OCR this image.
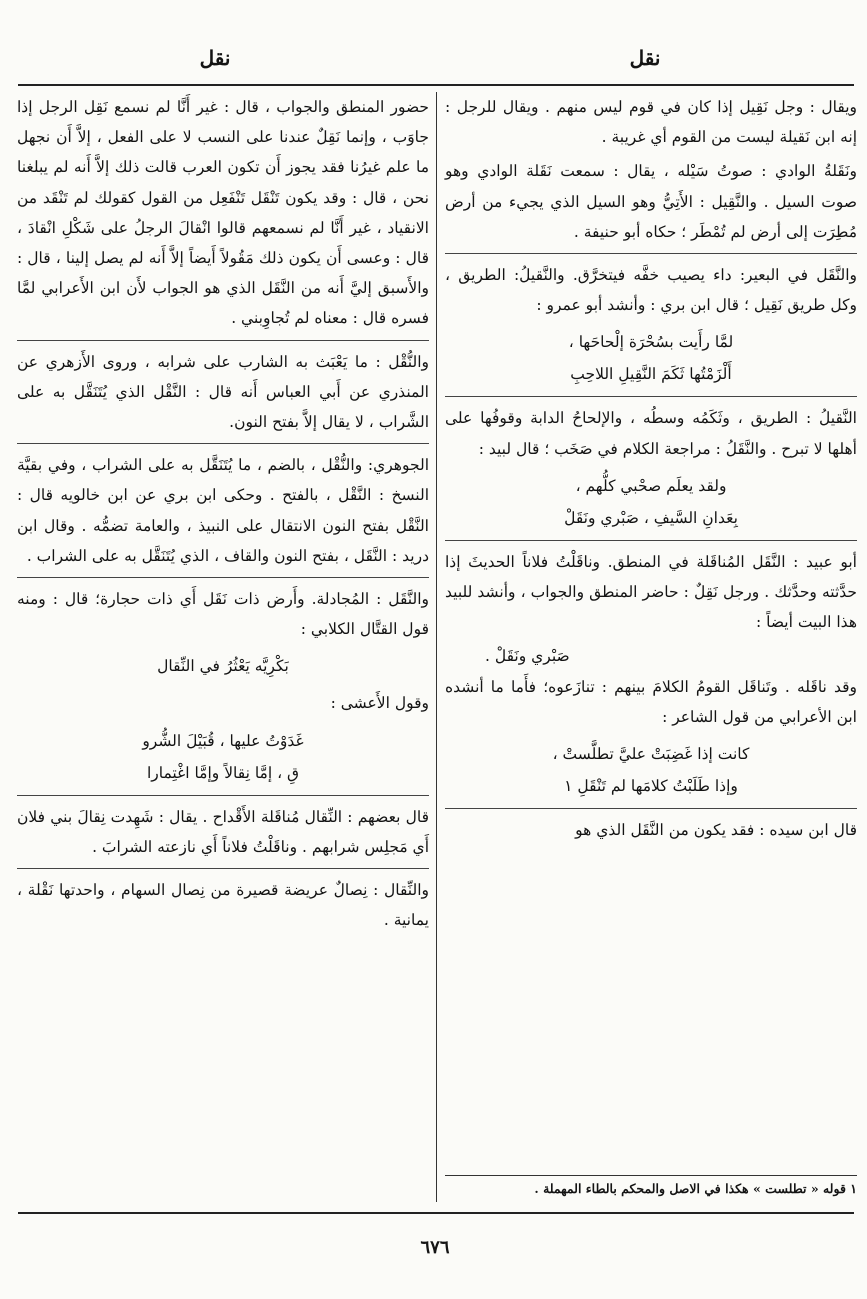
نقل
نقل

ويقال : وجل نَقِيل إذا كان في قوم ليس منهم . ويقال للرجل : إنه ابن نَقيلة ليست من القوم أي غريبة .

ونَقَلةُ الوادي : صوتُ سَيْله ، يقال : سمعت نَقَلة الوادي وهو صوت السيل . والنَّقِيل : الأَتِيُّ وهو السيل الذي يجيء من أرض مُطِرَت إلى أرض لم تُمْطَر ؛ حكاه أبو حنيفة .

والنَّقَل في البعير: داء يصيب خفَّه فيتخرَّق. والنَّقيلُ: الطريق ، وكل طريق نَقِيل ؛ قال ابن بري : وأنشد أبو عمرو :

لمَّا رأَيت بسُحْرَة إلْحاحَها ،
أَلْزَمْتُها ثَكَمَ النَّقِيلِ اللاحِبِ

النَّقيلُ : الطريق ، وثَكَمُه وسطُه ، والإلحاحُ الدابة وقوفُها على أهلها لا تبرح . والنَّقَلُ : مراجعة الكلام في صَخَب ؛ قال لبيد :

ولقد يعلَم صحْبي كلُّهم ،
بِعَدانِ السَّيفِ ، صَبْري ونَقَلْ

أبو عبيد : النَّقَل المُناقَلة في المنطق. وناقَلْتُ فلاناً الحديثَ إذا حدَّثته وحدَّثك . ورجل نَقِلٌ : حاضر المنطق والجواب ، وأنشد للبيد هذا البيت أيضاً :

صَبْري ونَقَلْ .

وقد ناقَله . وتَناقَل القومُ الكلامَ بينهم : تنازَعوه؛ فأَما ما أنشده ابن الأعرابي من قول الشاعر :

كانت إذا غَضِبَتْ عليَّ تطلَّستْ ،
وإذا طَلَبْتُ كلامَها لم تَنْقَلِ ١

قال ابن سيده : فقد يكون من النَّقَل الذي هو

حضور المنطق والجواب ، قال : غير أَنَّا لم نسمع نَقِل الرجل إذا جاوَب ، وإنما نَقِلٌ عندنا على النسب لا على الفعل ، إلاَّ أَن نجهل ما علم غيرُنا فقد يجوز أَن تكون العرب قالت ذلك إلاَّ أَنه لم يبلغنا نحن ، قال : وقد يكون تَنْقَل تَنْفَعِل من القول كقولك لم تَنْقَد من الانقياد ، غير أَنَّا لم نسمعهم قالوا انْقالَ الرجلُ على شَكْلِ انْقادَ ، قال : وعسى أَن يكون ذلك مَقُولاً أَيضاً إلاَّ أَنه لم يصل إلينا ، قال : والأَسبق إليَّ أَنه من النَّقَل الذي هو الجواب لأَن ابن الأَعرابي لمَّا فسره قال : معناه لم تُجاوِبني .

والنُّقْل : ما يَعْبَث به الشارب على شرابه ، وروى الأَزهري عن المنذري عن أَبي العباس أَنه قال : النَّقْل الذي يُتَنَقَّل به على الشَّراب ، لا يقال إلاَّ بفتح النون.

الجوهري: والنُّقْل ، بالضم ، ما يُتَنَقَّل به على الشراب ، وفي بقيَّة النسخ : النَّقْل ، بالفتح . وحكى ابن بري عن ابن خالويه قال : النَّقْل بفتح النون الانتقال على النبيذ ، والعامة تضمُّه . وقال ابن دريد : النَّقَل ، بفتح النون والقاف ، الذي يُتَنَقَّل به على الشراب .

والنَّقَل : المُجادلة. وأَرض ذات نَقَل أَي ذات حجارة؛ قال : ومنه قول القتَّال الكلابي :

بَكْرِيَّه يَعْثُرُ في النِّقال

وقول الأَعشى :

غَدَوْتُ عليها ، قُبَيْلَ الشُّرو
قِ ، إمَّا نِقالاً وإمَّا اغْتِمارا

قال بعضهم : النِّقال مُناقَلة الأَقْداح . يقال : شَهِدت نِقالَ بني فلان أَي مَجلِس شرابهم . وناقَلْتُ فلاناً أَي نازعته الشرابَ .

والنِّقال : نِصالٌ عريضة قصيرة من نِصال السهام ، واحدتها نَقْلة ، يمانية .

١ قوله « تطلست » هكذا في الاصل والمحكم بالطاء المهملة .
٦٧٦
